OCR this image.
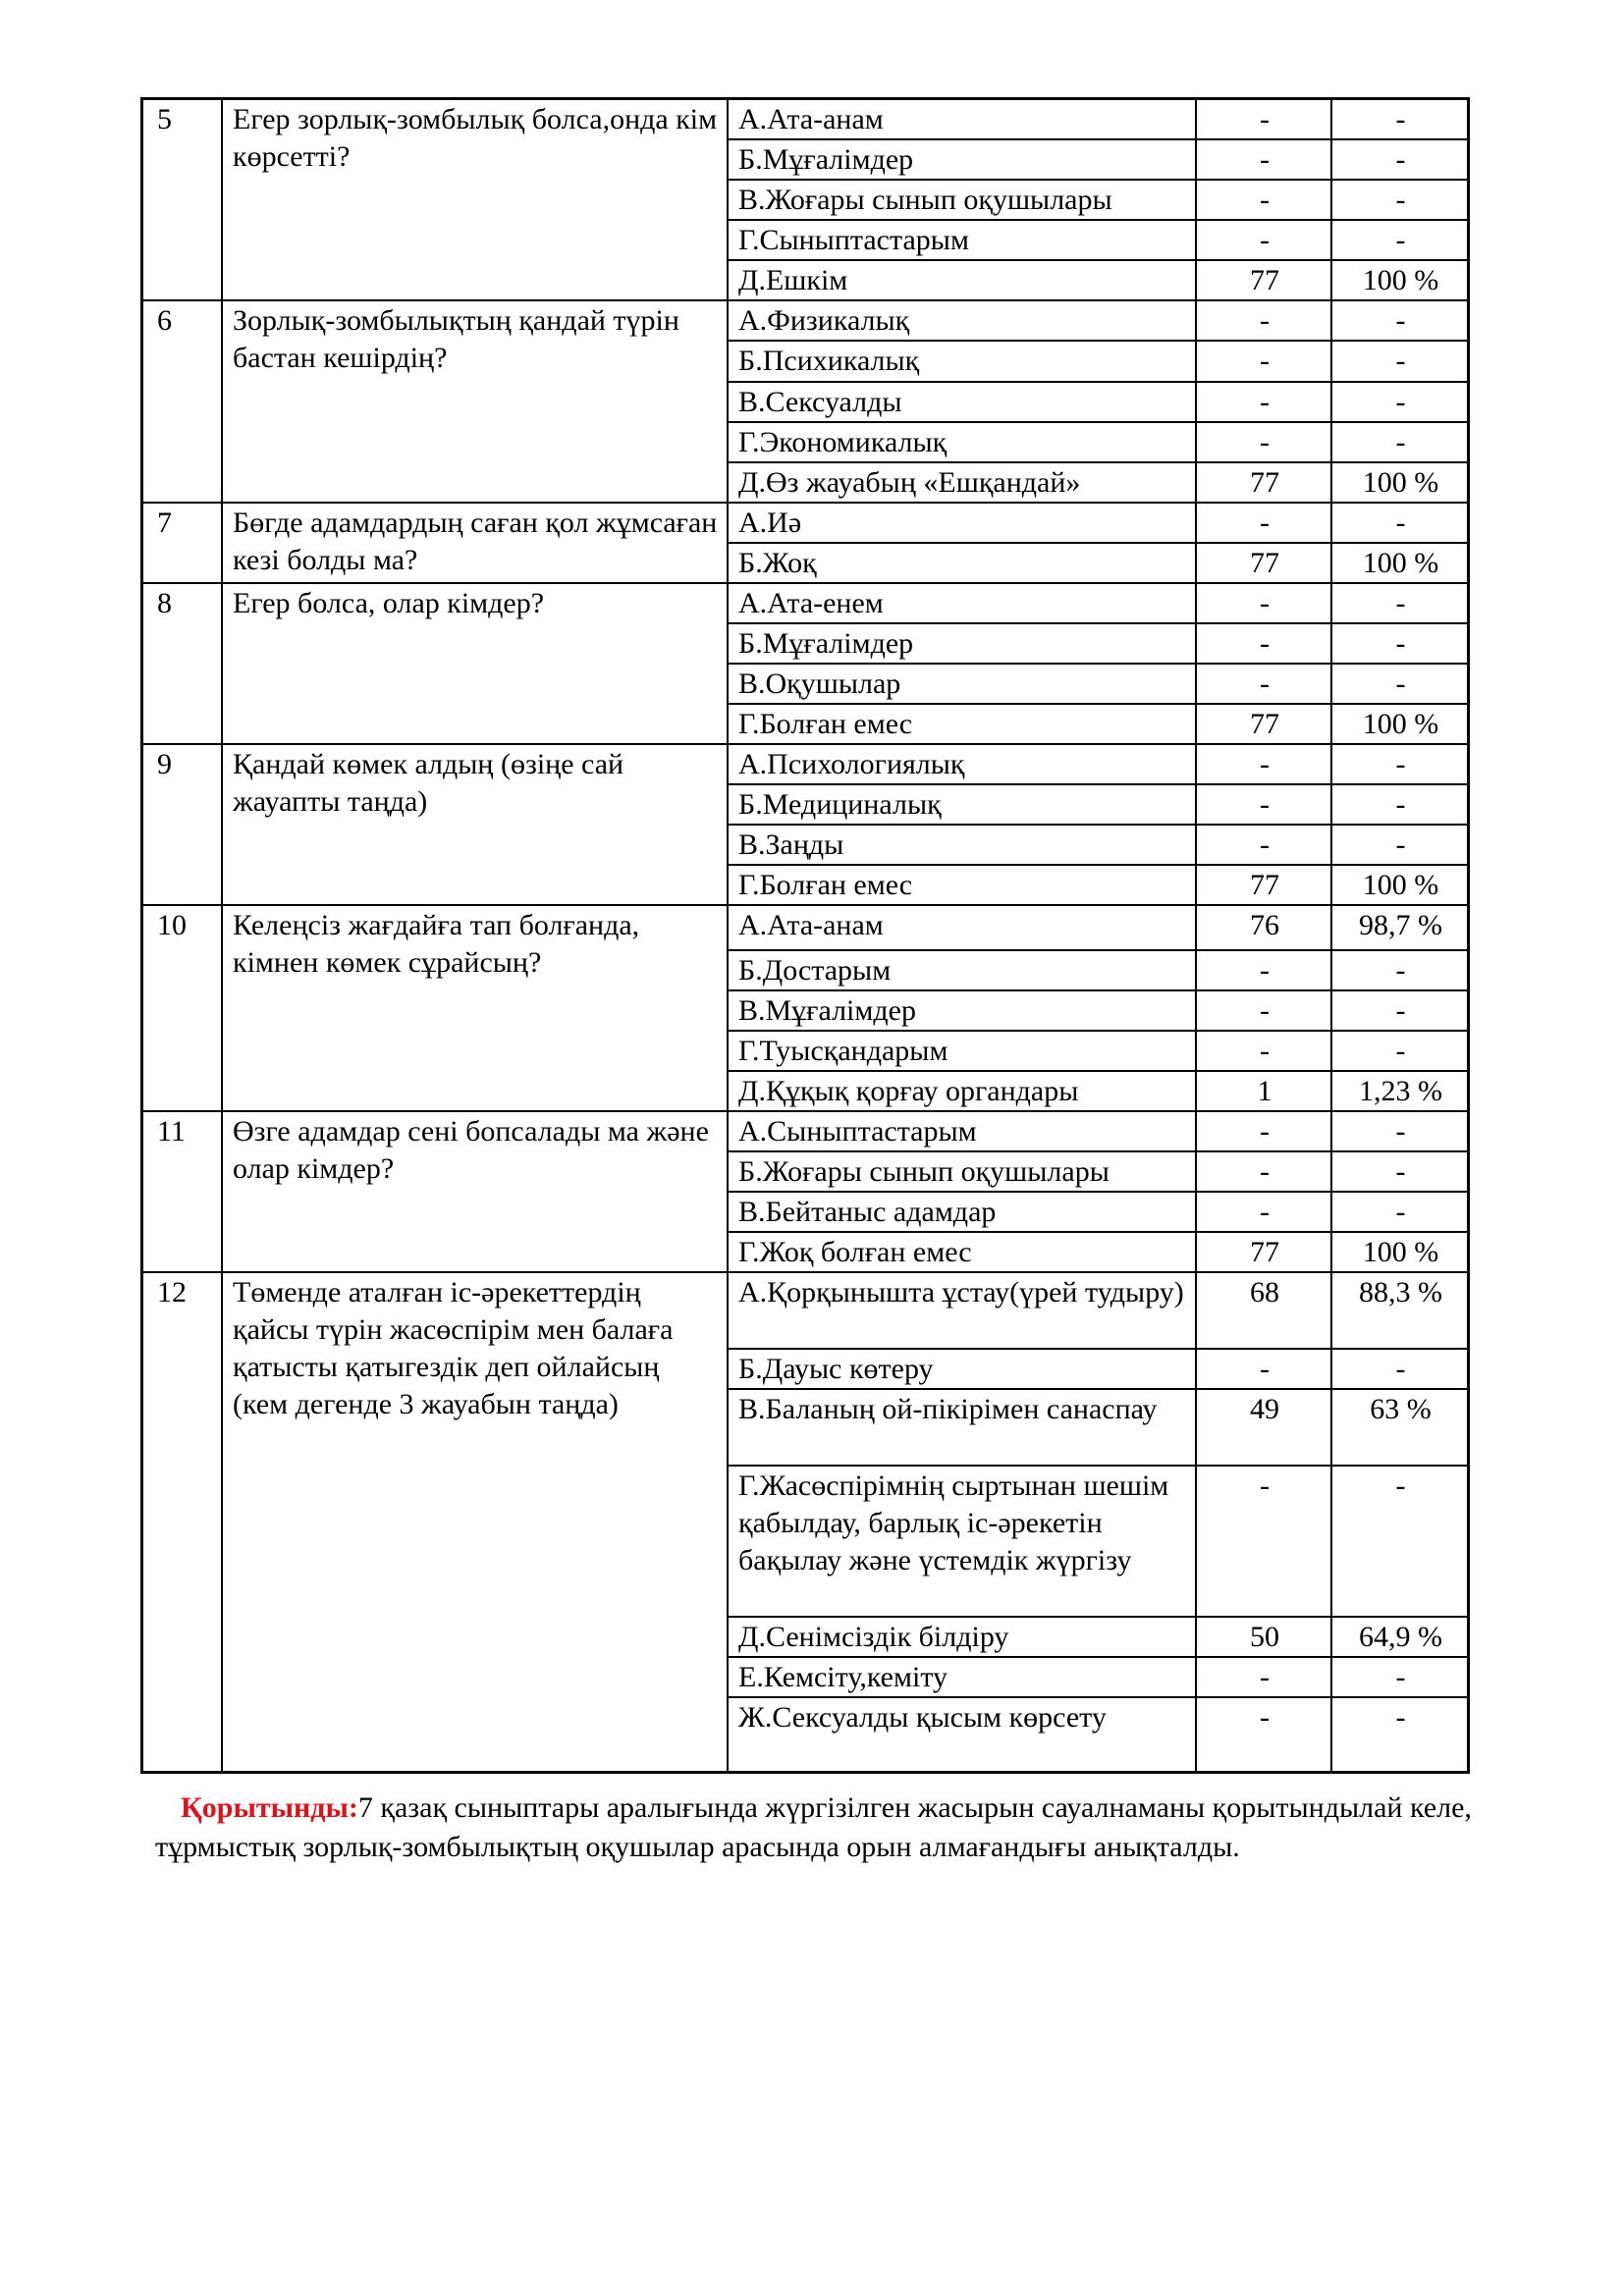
5	Егер зорлық-зомбылық болса,онда кім көрсетті?	А.Ата-анам	-	-
		Б.Мұғалімдер	-	-
		В.Жоғары сынып оқушылары	-	-
		Г.Сыныптастарым	-	-
		Д.Ешкім	77	100 %
6	Зорлық-зомбылықтың қандай түрін бастан кешірдің?	А.Физикалық	-	-
		Б.Психикалық	-	-
		В.Сексуалды	-	-
		Г.Экономикалық	-	-
		Д.Өз жауабың «Ешқандай»	77	100 %
7	Бөгде адамдардың саған қол жұмсаған кезі болды ма?	А.Иә	-	-
		Б.Жоқ	77	100 %
8	Егер болса, олар кімдер?	А.Ата-енем	-	-
		Б.Мұғалімдер	-	-
		В.Оқушылар	-	-
		Г.Болған емес	77	100 %
9	Қандай көмек алдың (өзіңе сай жауапты таңда)	А.Психологиялық	-	-
		Б.Медициналық	-	-
		В.Заңды	-	-
		Г.Болған емес	77	100 %
10	Келеңсіз жағдайға тап болғанда, кімнен көмек сұрайсың?	А.Ата-анам	76	98,7 %
		Б.Достарым	-	-
		В.Мұғалімдер	-	-
		Г.Туысқандарым	-	-
		Д.Құқық қорғау органдары	1	1,23 %
11	Өзге адамдар сені бопсалады ма және олар кімдер?	А.Сыныптастарым	-	-
		Б.Жоғары сынып оқушылары	-	-
		В.Бейтаныс адамдар	-	-
		Г.Жоқ болған емес	77	100 %
12	Төменде аталған іс-әрекеттердің қайсы түрін жасөспірім мен балаға қатысты қатыгездік деп ойлайсың (кем дегенде 3 жауабын таңда)	А.Қорқынышта ұстау(үрей тудыру)	68	88,3 %
		Б.Дауыс көтеру	-	-
		В.Баланың ой-пікірімен санаспау	49	63 %
		Г.Жасөспірімнің сыртынан шешім қабылдау, барлық іс-әрекетін бақылау және үстемдік жүргізу	-	-
		Д.Сенімсіздік білдіру	50	64,9 %
		Е.Кемсіту,кеміту	-	-
		Ж.Сексуалды қысым көрсету	-	-
Қорытынды:7 қазақ сыныптары аралығында жүргізілген жасырын сауалнаманы қорытындылай келе, тұрмыстық зорлық-зомбылықтың оқушылар арасында орын алмағандығы анықталды.
